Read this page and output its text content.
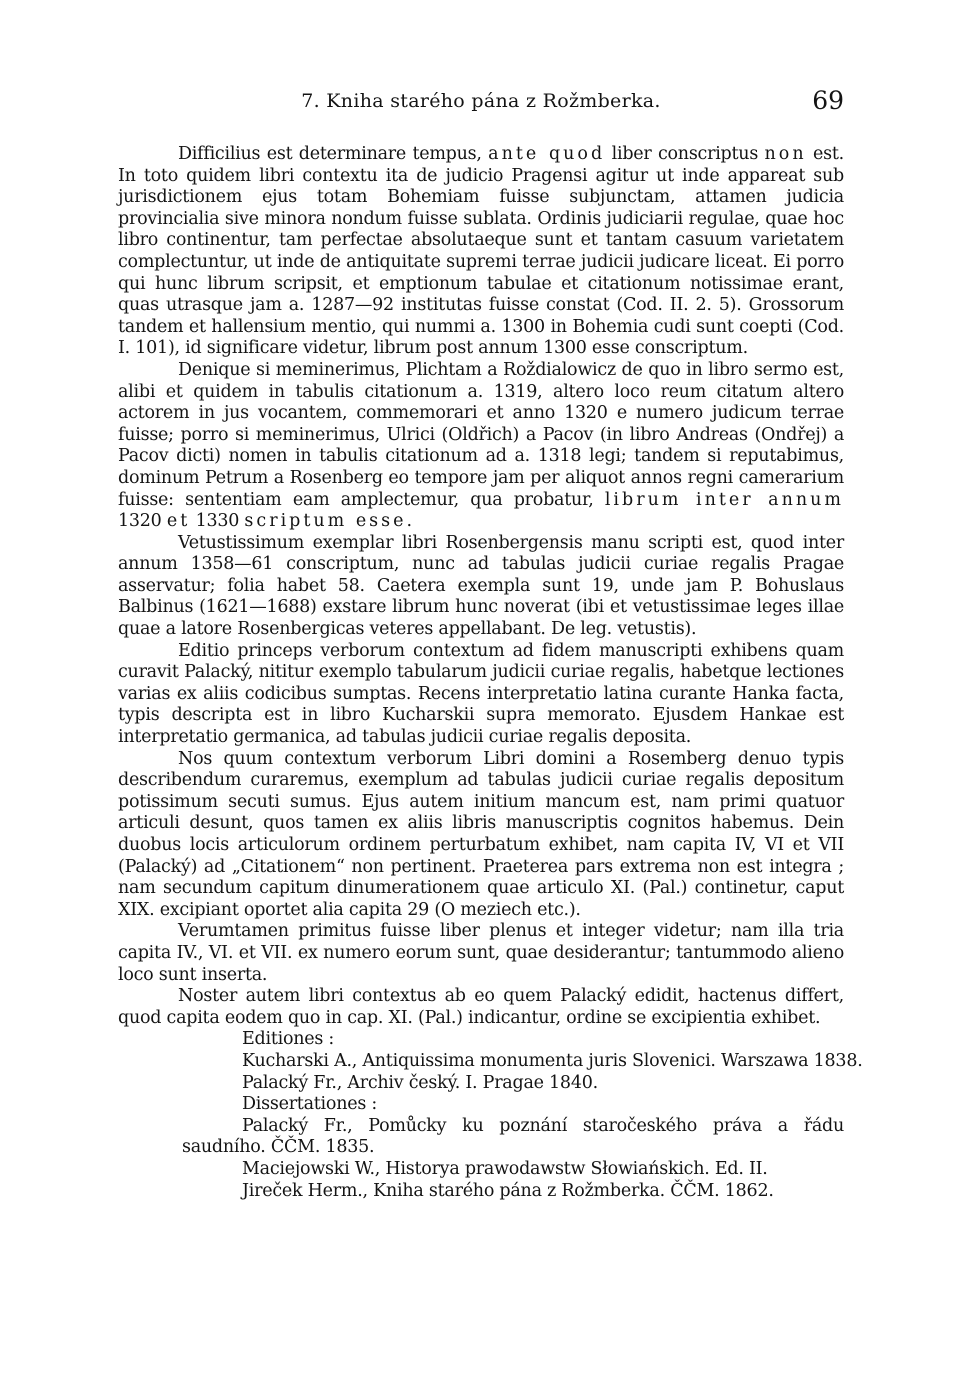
7. Kniha starého pána z Rožmberka.	69

Difficilius est determinare tempus, ante quod liber conscriptus non est. In toto quidem libri contextu ita de judicio Pragensi agitur ut inde appareat sub jurisdictionem ejus totam Bohemiam fuisse subjunctam, attamen judicia provincialia sive minora nondum fuisse sublata. Ordinis judiciarii regulae, quae hoc libro continentur, tam perfectae absolutaeque sunt et tantam casuum varietatem complectuntur, ut inde de antiquitate supremi terrae judicii judicare liceat. Ei porro qui hunc librum scripsit, et emptionum tabulae et citationum notissimae erant, quas utrasque jam a. 1287—92 institutas fuisse constat (Cod. II. 2. 5). Grossorum tandem et hallensium mentio, qui nummi a. 1300 in Bohemia cudi sunt coepti (Cod. I. 101), id significare videtur, librum post annum 1300 esse conscriptum.

Denique si meminerimus, Plichtam a Roždialowicz de quo in libro sermo est, alibi et quidem in tabulis citationum a. 1319, altero loco reum citatum altero actorem in jus vocantem, commemorari et anno 1320 e numero judicum terrae fuisse; porro si meminerimus, Ulrici (Oldřich) a Pacov (in libro Andreas (Ondřej) a Pacov dicti) nomen in tabulis citationum ad a. 1318 legi; tandem si reputabimus, dominum Petrum a Rosenberg eo tempore jam per aliquot annos regni camerarium fuisse: sententiam eam amplectemur, qua probatur, librum inter annum 1320 et 1330 scriptum esse.

Vetustissimum exemplar libri Rosenbergensis manu scripti est, quod inter annum 1358—61 conscriptum, nunc ad tabulas judicii curiae regalis Pragae asservatur; folia habet 58. Caetera exempla sunt 19, unde jam P. Bohuslaus Balbinus (1621—1688) exstare librum hunc noverat (ibi et vetustissimae leges illae quae a latore Rosenbergicas veteres appellabant. De leg. vetustis).

Editio princeps verborum contextum ad fidem manuscripti exhibens quam curavit Palacký, nititur exemplo tabularum judicii curiae regalis, habetque lectiones varias ex aliis codicibus sumptas. Recens interpretatio latina curante Hanka facta, typis descripta est in libro Kucharskii supra memorato. Ejusdem Hankae est interpretatio germanica, ad tabulas judicii curiae regalis deposita.

Nos quum contextum verborum Libri domini a Rosemberg denuo typis describendum curaremus, exemplum ad tabulas judicii curiae regalis depositum potissimum secuti sumus. Ejus autem initium mancum est, nam primi quatuor articuli desunt, quos tamen ex aliis libris manuscriptis cognitos habemus. Dein duobus locis articulorum ordinem perturbatum exhibet, nam capita IV, VI et VII (Palacký) ad „Citationem“ non pertinent. Praeterea pars extrema non est integra ; nam secundum capitum dinumerationem quae articulo XI. (Pal.) continetur, caput XIX. excipiant oportet alia capita 29 (O meziech etc.).

Verumtamen primitus fuisse liber plenus et integer videtur; nam illa tria capita IV., VI. et VII. ex numero eorum sunt, quae desiderantur; tantummodo alieno loco sunt inserta.

Noster autem libri contextus ab eo quem Palacký edidit, hactenus differt, quod capita eodem quo in cap. XI. (Pal.) indicantur, ordine se excipientia exhibet.

Editiones :

Kucharski A., Antiquissima monumenta juris Slovenici. Warszawa 1838.

Palacký Fr., Archiv český. I. Pragae 1840.

Dissertationes :

Palacký Fr., Pomůcky ku poznání staročeského práva a řádu saudního. ČČM. 1835.

Maciejowski W., Historya prawodawstw Słowiańskich. Ed. II.

Jireček Herm., Kniha starého pána z Rožmberka. ČČM. 1862.
